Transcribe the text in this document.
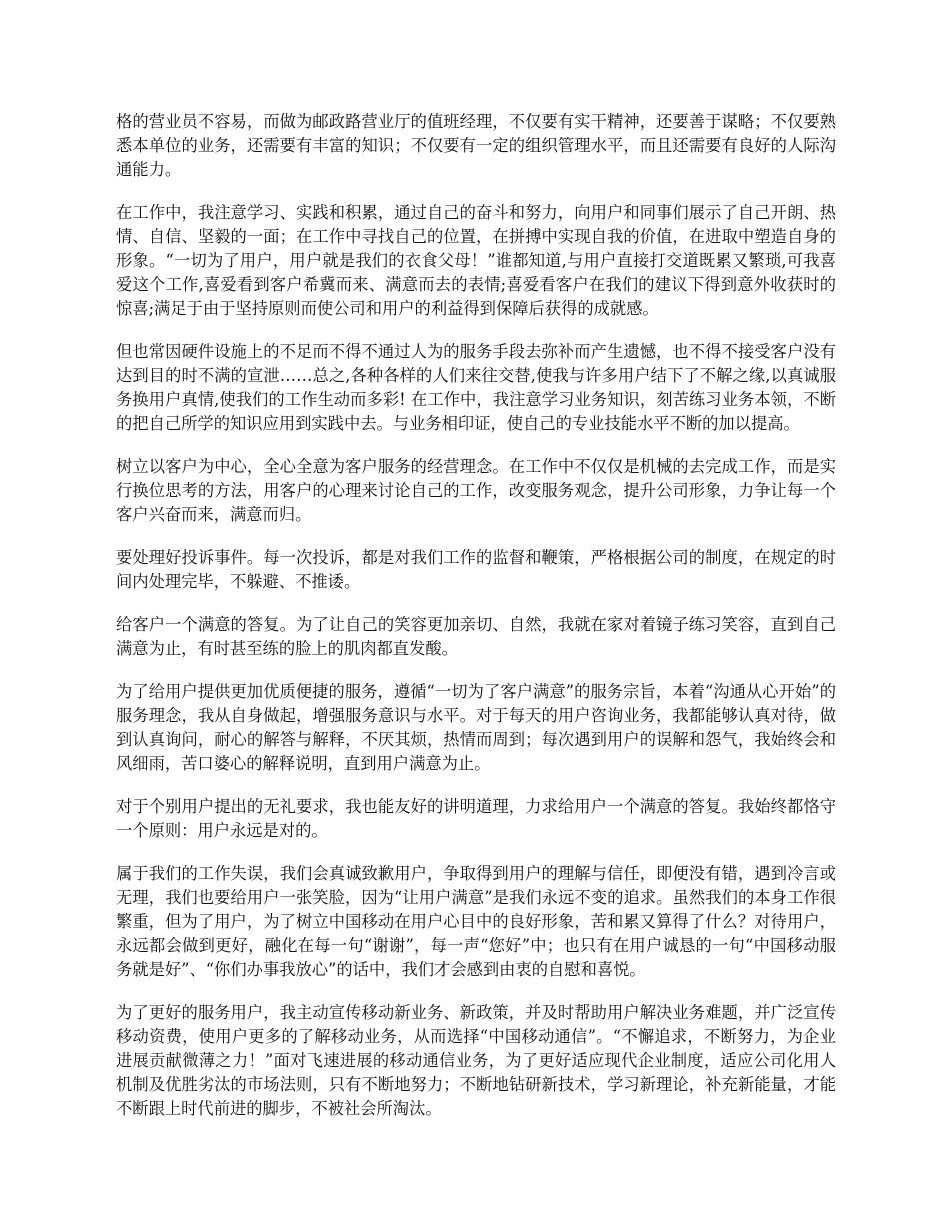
格的营业员不容易，而做为邮政路营业厅的值班经理，不仅要有实干精神，还要善于谋略；不仅要熟悉本单位的业务，还需要有丰富的知识；不仅要有一定的组织管理水平，而且还需要有良好的人际沟通能力。

在工作中，我注意学习、实践和积累，通过自己的奋斗和努力，向用户和同事们展示了自己开朗、热情、自信、坚毅的一面；在工作中寻找自己的位置，在拼搏中实现自我的价值，在进取中塑造自身的形象。“一切为了用户，用户就是我们的衣食父母！”谁都知道,与用户直接打交道既累又繁琐,可我喜爱这个工作,喜爱看到客户希冀而来、满意而去的表情;喜爱看客户在我们的建议下得到意外收获时的惊喜;满足于由于坚持原则而使公司和用户的利益得到保障后获得的成就感。

但也常因硬件设施上的不足而不得不通过人为的服务手段去弥补而产生遗憾，也不得不接受客户没有达到目的时不满的宣泄……总之,各种各样的人们来往交替,使我与许多用户结下了不解之缘,以真诚服务换用户真情,使我们的工作生动而多彩! 在工作中，我注意学习业务知识，刻苦练习业务本领，不断的把自己所学的知识应用到实践中去。与业务相印证，使自己的专业技能水平不断的加以提高。

树立以客户为中心，全心全意为客户服务的经营理念。在工作中不仅仅是机械的去完成工作，而是实行换位思考的方法，用客户的心理来讨论自己的工作，改变服务观念，提升公司形象，力争让每一个客户兴奋而来，满意而归。

要处理好投诉事件。每一次投诉，都是对我们工作的监督和鞭策，严格根据公司的制度，在规定的时间内处理完毕，不躲避、不推诿。

给客户一个满意的答复。为了让自己的笑容更加亲切、自然，我就在家对着镜子练习笑容，直到自己满意为止，有时甚至练的脸上的肌肉都直发酸。

为了给用户提供更加优质便捷的服务，遵循“一切为了客户满意”的服务宗旨，本着“沟通从心开始”的服务理念，我从自身做起，增强服务意识与水平。对于每天的用户咨询业务，我都能够认真对待，做到认真询问，耐心的解答与解释，不厌其烦，热情而周到；每次遇到用户的误解和怨气，我始终会和风细雨，苦口婆心的解释说明，直到用户满意为止。

对于个别用户提出的无礼要求，我也能友好的讲明道理，力求给用户一个满意的答复。我始终都恪守一个原则：用户永远是对的。

属于我们的工作失误，我们会真诚致歉用户，争取得到用户的理解与信任，即便没有错，遇到冷言或无理，我们也要给用户一张笑脸，因为“让用户满意”是我们永远不变的追求。虽然我们的本身工作很繁重，但为了用户，为了树立中国移动在用户心目中的良好形象，苦和累又算得了什么？对待用户，永远都会做到更好，融化在每一句“谢谢”，每一声“您好”中；也只有在用户诚恳的一句“中国移动服务就是好”、“你们办事我放心”的话中，我们才会感到由衷的自慰和喜悦。

为了更好的服务用户，我主动宣传移动新业务、新政策，并及时帮助用户解决业务难题，并广泛宣传移动资费，使用户更多的了解移动业务，从而选择“中国移动通信”。“不懈追求，不断努力，为企业进展贡献微薄之力！”面对飞速进展的移动通信业务，为了更好适应现代企业制度，适应公司化用人机制及优胜劣汰的市场法则，只有不断地努力；不断地钻研新技术，学习新理论，补充新能量，才能不断跟上时代前进的脚步，不被社会所淘汰。
